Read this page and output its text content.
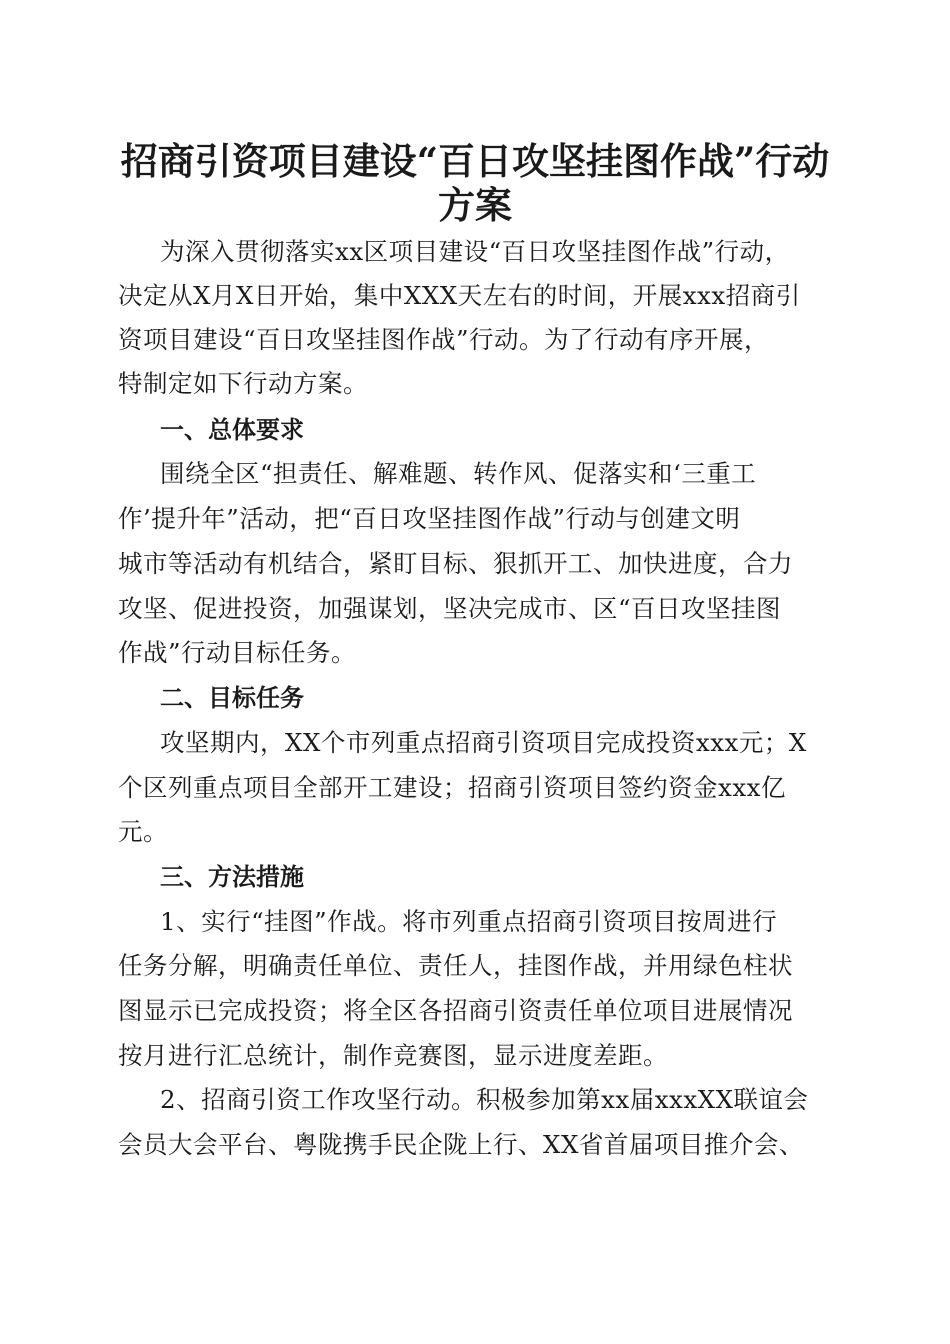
招商引资项目建设“百日攻坚挂图作战”行动
方案

为深入贯彻落实xx区项目建设“百日攻坚挂图作战”行动，

决定从X月X日开始，集中XXX天左右的时间，开展xxx招商引

资项目建设“百日攻坚挂图作战”行动。为了行动有序开展，

特制定如下行动方案。

一、总体要求

围绕全区“担责任、解难题、转作风、促落实和‘三重工

作’提升年”活动，把“百日攻坚挂图作战”行动与创建文明

城市等活动有机结合，紧盯目标、狠抓开工、加快进度，合力

攻坚、促进投资，加强谋划，坚决完成市、区“百日攻坚挂图

作战”行动目标任务。

二、目标任务

攻坚期内，XX个市列重点招商引资项目完成投资xxx元；X

个区列重点项目全部开工建设；招商引资项目签约资金xxx亿

元。

三、方法措施

1、实行“挂图”作战。将市列重点招商引资项目按周进行

任务分解，明确责任单位、责任人，挂图作战，并用绿色柱状

图显示已完成投资；将全区各招商引资责任单位项目进展情况

按月进行汇总统计，制作竞赛图，显示进度差距。

2、招商引资工作攻坚行动。积极参加第xx届xxxXX联谊会

会员大会平台、粤陇携手民企陇上行、XX省首届项目推介会、
